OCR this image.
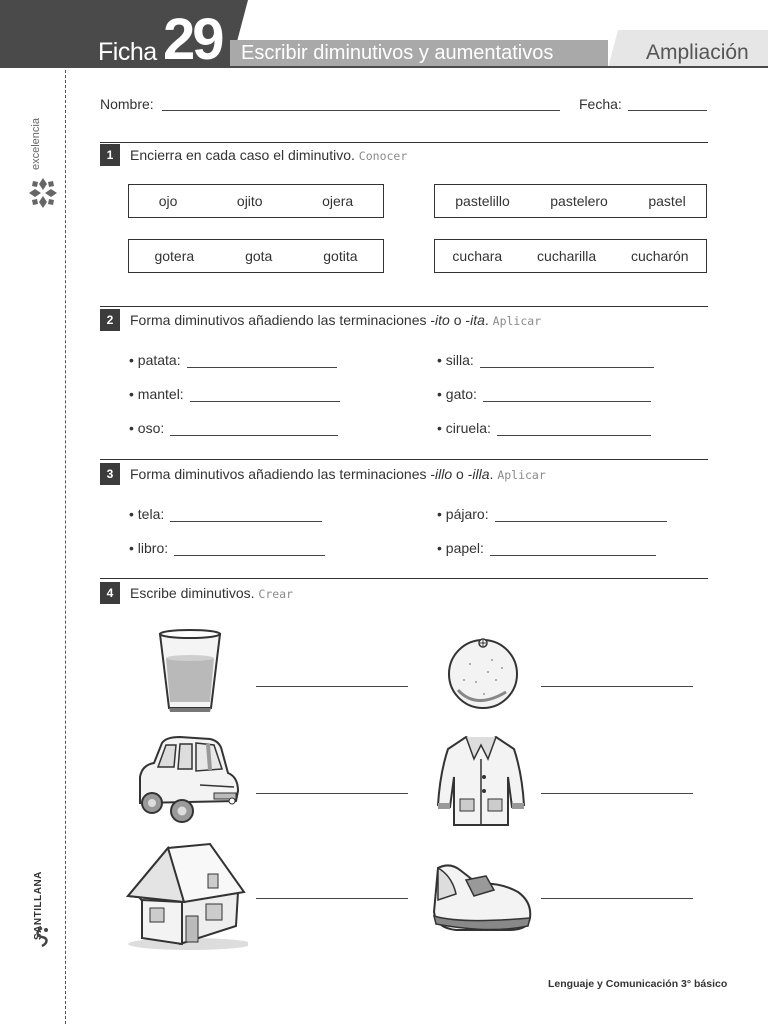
Ficha 29 Escribir diminutivos y aumentativos	Ampliación
excelencia
SANTILLANA
Nombre:	Fecha:
1	Encierra en cada caso el diminutivo. Conocer
ojo	ojito	ojera	pastelillo	pastelero	pastel
gotera	gota	gotita	cuchara cucharilla cucharón
2	Forma diminutivos añadiendo las terminaciones -ito o -ita. Aplicar
• patata:	• silla:
• mantel:	• gato:
• oso:	• ciruela:
3	Forma diminutivos añadiendo las terminaciones -illo o -illa. Aplicar
• tela:	• pájaro:
• libro:	• papel:
4	Escribe diminutivos. Crear
Lenguaje y Comunicación 3° básico
